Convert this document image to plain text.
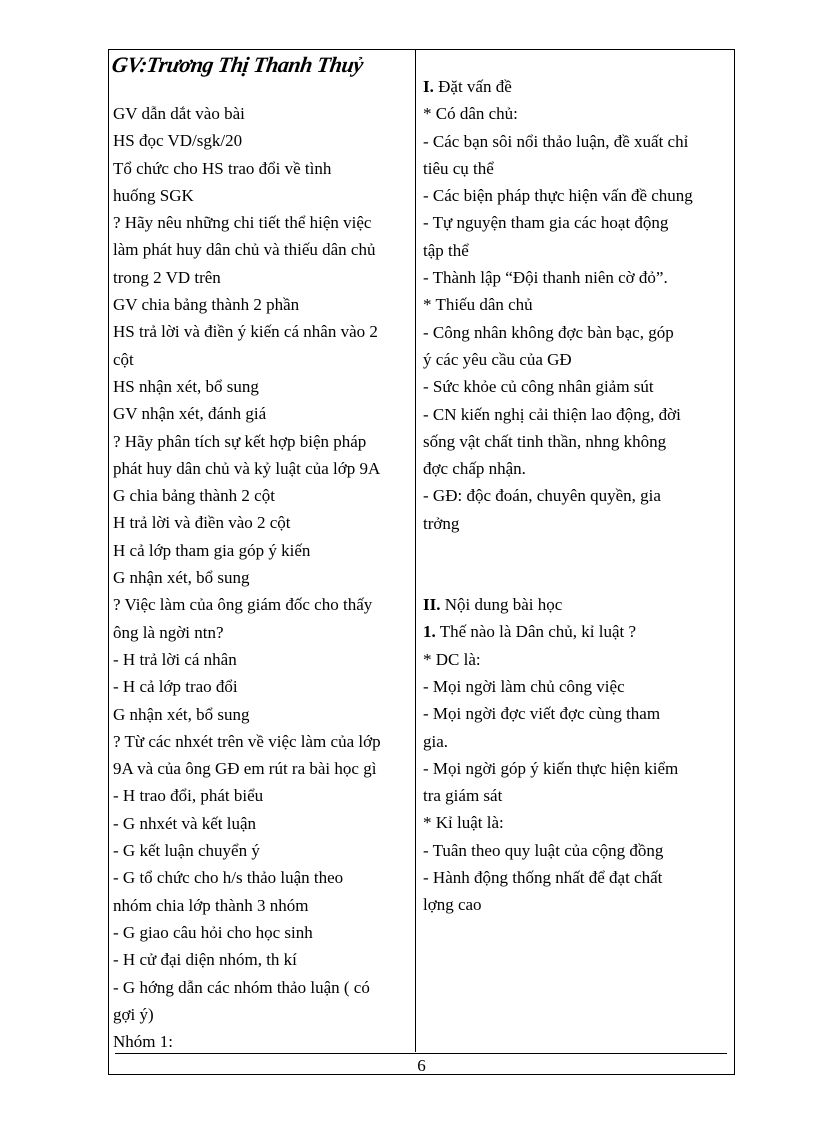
GV:Trương Thị Thanh Thuỷ
GV dẫn dắt vào bài
HS đọc VD/sgk/20
Tổ chức cho HS trao đổi về tình
huống SGK
? Hãy nêu những chi tiết thể hiện việc
làm phát huy dân chủ và thiếu dân chủ
trong 2 VD trên
GV chia bảng thành 2 phần
HS trả lời và điền ý kiến cá nhân vào 2
cột
HS nhận xét, bổ sung
GV nhận xét, đánh giá
? Hãy phân tích sự kết hợp biện pháp
phát huy dân chủ và kỷ luật của lớp 9A
G chia bảng thành 2 cột
H trả lời và điền vào 2 cột
H cả lớp tham gia góp ý kiến
G nhận xét, bổ sung
? Việc làm của ông giám đốc cho thấy
ông là ngời ntn?
- H trả lời cá nhân
- H cả lớp trao đổi
G nhận xét, bổ sung
? Từ các nhxét trên về việc làm của lớp
9A và của ông GĐ em rút ra bài học gì
- H trao đổi, phát biểu
- G nhxét và kết luận
- G kết luận chuyển ý
- G tổ chức cho h/s thảo luận theo
nhóm chia lớp thành 3 nhóm
- G giao câu hỏi cho học sinh
- H cử đại diện nhóm, th kí
- G hớng dẫn các nhóm thảo luận ( có
gợi ý)
Nhóm 1:
I. Đặt vấn đề
* Có dân chủ:
- Các bạn sôi nổi thảo luận, đề xuất chỉ
tiêu cụ thể
- Các biện pháp thực hiện vấn đề chung
- Tự nguyện tham gia các hoạt động
tập thể
- Thành lập “Đội thanh niên cờ đỏ”.
* Thiếu dân chủ
- Công nhân không đợc bàn bạc, góp
ý các yêu cầu của GĐ
- Sức khỏe củ công nhân giảm sút
- CN kiến nghị cải thiện lao động, đời
sống vật chất tinh thần, nhng không
đợc chấp nhận.
- GĐ: độc đoán, chuyên quyền, gia
trởng
II. Nội dung bài học
1. Thế nào là Dân chủ, kỉ luật ?
* DC là:
- Mọi ngời làm chủ công việc
- Mọi ngời đợc viết đợc cùng tham
gia.
- Mọi ngời góp ý kiến thực hiện kiểm
tra giám sát
* Kỉ luật là:
- Tuân theo quy luật của cộng đồng
- Hành động thống nhất để đạt chất
lợng cao
6
